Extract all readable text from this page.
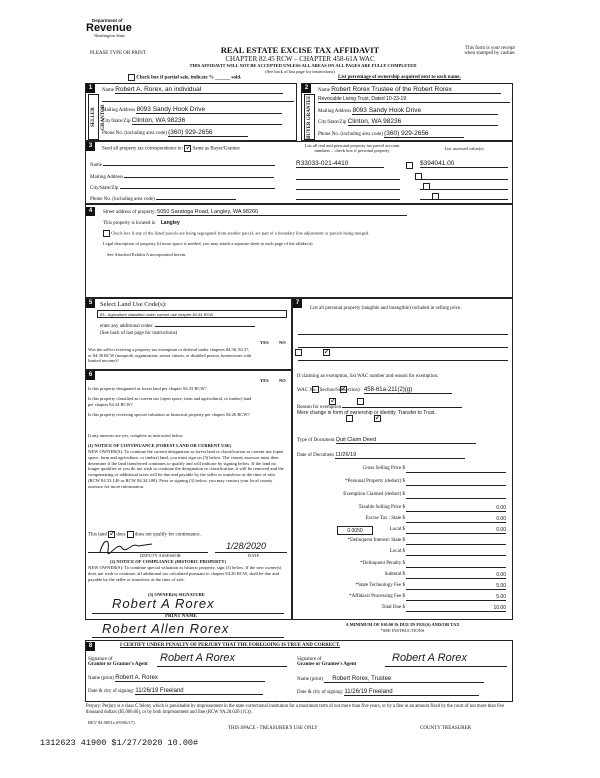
Department of
Revenue
Washington State
PLEASE TYPE OR PRINT	REAL ESTATE EXCISE TAX AFFIDAVIT
CHAPTER 82.45 RCW – CHAPTER 458-61A WAC
THIS AFFIDAVIT WILL NOT BE ACCEPTED UNLESS ALL AREAS ON ALL PAGES ARE FULLY COMPLETED
(See back of last page for instructions)
This form is your receipt
when stamped by cashier.
Check box if partial sale, indicate % ______ sold.	List percentage of ownership acquired next to each name.
1
SELLER GRANTOR
Name Robert A. Rorex, an individual
Mailing Address 8093 Sandy Hook Drive
City/State/Zip Clinton, WA 98236
Phone No. (including area code) (360) 929-2656
2
BUYER GRANTEE
Name Robert Rorex Trustee of the Robert Rorex
Revocable Living Trust, Dated 10-23-19
Mailing Address 8093 Sandy Hook Drive
City/State/Zip Clinton, WA 98236
Phone No. (including area code) (360) 929-2656
3
Send all property tax correspondence to: ✓ Same as Buyer/Grantee
Name
Mailing Address
City/State/Zip
Phone No. (including area code)
List all real and personal property tax parcel account
numbers – check box if personal property	List assessed value(s)
R33033-021-4410
	$394041.00

4	Street address of property: 5050 Saratoga Road, Langley, WA 98260
This property is located in Langley
Check box if any of the listed parcels are being segregated from another parcel, are part of a boundary line adjustment or parcels being merged.
Legal description of property (if more space is needed, you may attach a separate sheet to each page of the affidavit)
See Attached Exhibit A incorporated herein.
5	Select Land Use Code(s):
83 - Agriculture classified under current use chapter 84.34 RCW
enter any additional codes:
(See back of last page for instructions)
YES NO
Was the seller receiving a property tax exemption or deferral under chapters 84.36, 84.37, or 84.38 RCW (nonprofit organization, senior citizen, or disabled person, homeowner with limited income)?
✓
6
YES NO
Is this property designated as forest land per chapter 84.33 RCW?
✓
Is this property classified as current use (open space, farm and agricultural, or timber) land per chapter 84.34 RCW?
✓
Is this property receiving special valuation as historical property per chapter 84.26 RCW?
✓
If any answers are yes, complete as instructed below.
(1) NOTICE OF CONTINUANCE (FOREST LAND OR CURRENT USE)
NEW OWNER(S): To continue the current designation as forest land or classification as current use (open space, farm and agriculture, or timber) land, you must sign on (3) below. The county assessor must then determine if the land transferred continues to qualify and will indicate by signing below. If the land no longer qualifies or you do not wish to continue the designation or classification, it will be removed and the compensating or additional taxes will be due and payable by the seller or transferor at the time of sale. (RCW 84.33.140 or RCW 84.34.108). Prior to signing (3) below, you may contact your local county assessor for more information.
This land ✓ does does not qualify for continuance.
DEPUTY ASSESSOR
1/28/2020
DATE
(2) NOTICE OF COMPLIANCE (HISTORIC PROPERTY)
NEW OWNER(S): To continue special valuation as historic property, sign (3) below. If the new owner(s) does not wish to continue, all additional tax calculated pursuant to chapter 84.26 RCW, shall be due and payable by the seller or transferor at the time of sale.
(3) OWNER(S) SIGNATURE
Robert A Rorex
PRINT NAME
Robert Allen Rorex
7
List all personal property (tangible and intangible) included in selling price.
If claiming an exemption, list WAC number and reason for exemption:
WAC No. (Section/Subsection) 458-61a-211(2)(g)
Reason for exemption
Mere change in form of ownership or identity. Transfer to Trust.
Type of Document Quit Claim Deed
Date of Document 11/26/19
Gross Selling Price $
*Personal Property (deduct) $
Exemption Claimed (deduct) $
Taxable Selling Price $	0.00
Excise Tax : State $	0.00
0.0050	Local $	0.00
*Delinquent Interest: State $
Local $
*Delinquent Penalty $
Subtotal $	0.00
*State Technology Fee $	5.00
*Affidavit Processing Fee $	5.00
Total Due $	10.00
A MINIMUM OF $10.00 IS DUE IN FEE(S) AND/OR TAX
*SEE INSTRUCTIONS
8	I CERTIFY UNDER PENALTY OF PERJURY THAT THE FOREGOING IS TRUE AND CORRECT.
Signature of
Grantor or Grantor's Agent
Robert A Rorex	Signature of
Grantee or Grantee's Agent
Robert A Rorex
Name (print) Robert A. Rorex	Name (print) Robert Rorex, Trustee
Date & city of signing: 11/26/19 Freeland	Date & city of signing: 11/26/19 Freeland
Perjury: Perjury is a class C felony which is punishable by imprisonment in the state correctional institution for a maximum term of not more than five years, or by a fine in an amount fixed by the court of not more than five thousand dollars ($5,000.00), or by both imprisonment and fine (RCW 9A.20.020 (1C)).
REV 84 0001a (09/06/17)
THIS SPACE - TREASURER'S USE ONLY	COUNTY TREASURER
1312623 41900 $1/27/2020 10.00#
